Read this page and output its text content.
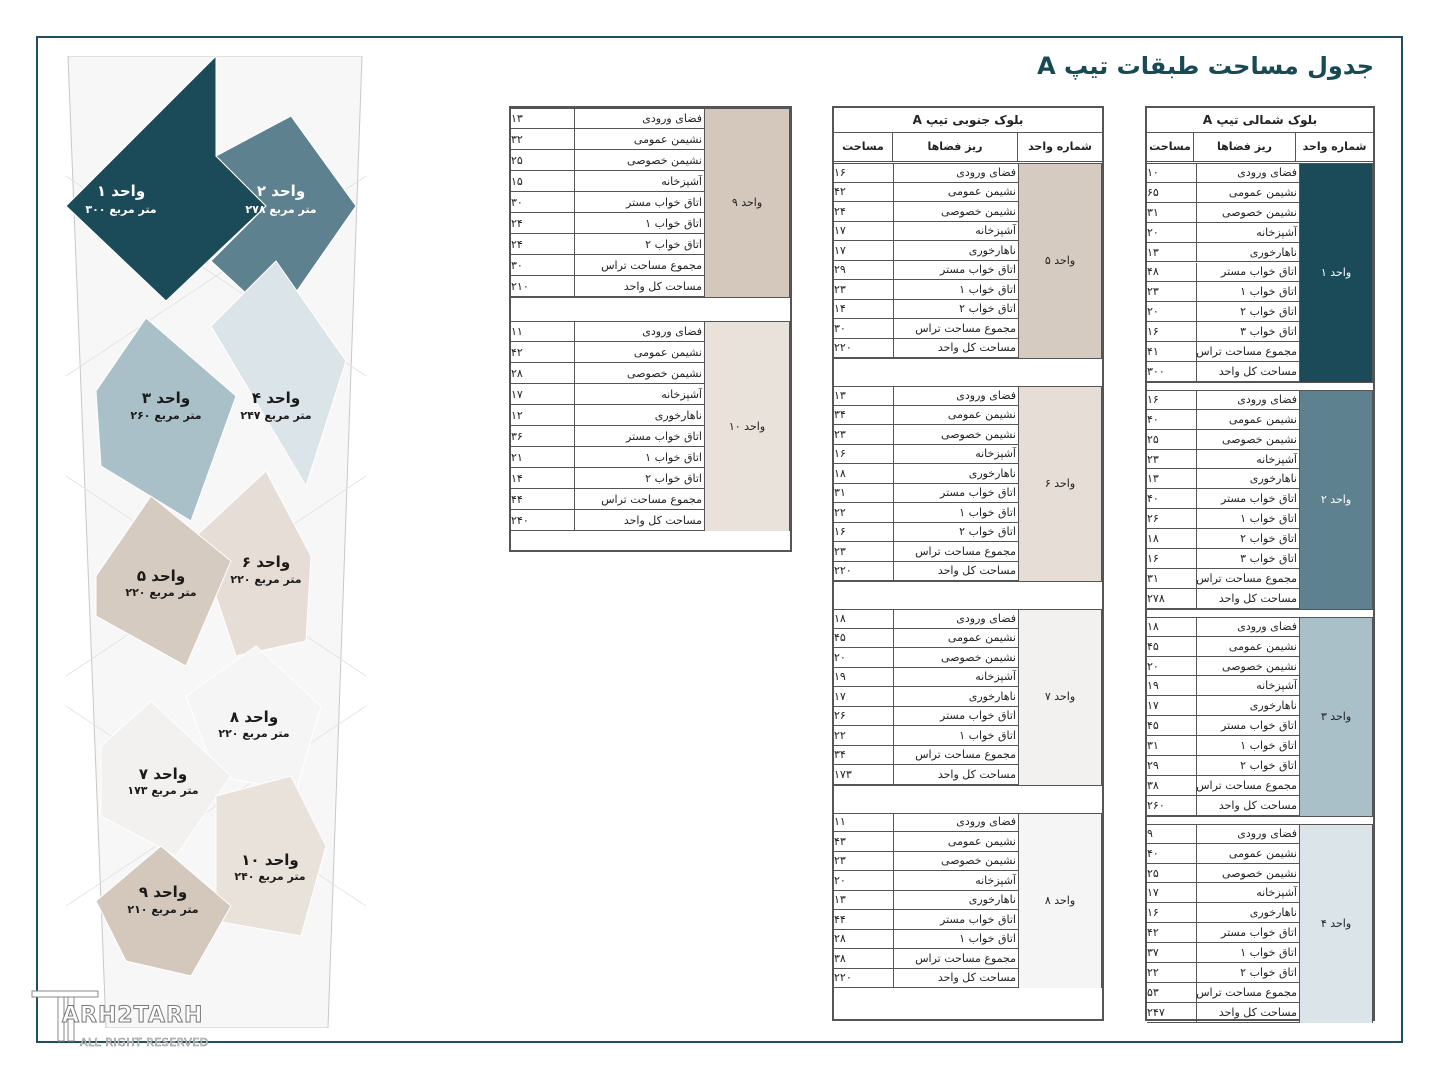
جدول مساحت طبقات تیپ A
واحد ۱
۳۰۰ متر مربع
واحد ۲
۲۷۸ متر مربع
واحد ۳
۲۶۰ متر مربع
واحد ۴
۲۴۷ متر مربع
واحد ۵
۲۲۰ متر مربع
واحد ۶
۲۲۰ متر مربع
واحد ۸
۲۲۰ متر مربع
واحد ۷
۱۷۳ متر مربع
واحد ۱۰
۲۴۰ متر مربع
واحد ۹
۲۱۰ متر مربع
بلوک شمالی تیپ A
شماره واحد
ریز فضاها
مساحت
واحد ۱
فضای ورودی
۱۰
نشیمن عمومی
۶۵
نشیمن خصوصی
۳۱
آشپزخانه
۲۰
ناهارخوری
۱۳
اتاق خواب مستر
۴۸
اتاق خواب ۱
۲۳
اتاق خواب ۲
۲۰
اتاق خواب ۳
۱۶
مجموع مساحت تراس
۴۱
مساحت کل واحد
۳۰۰
واحد ۲
فضای ورودی
۱۶
نشیمن عمومی
۴۰
نشیمن خصوصی
۲۵
آشپزخانه
۲۳
ناهارخوری
۱۳
اتاق خواب مستر
۴۰
اتاق خواب ۱
۲۶
اتاق خواب ۲
۱۸
اتاق خواب ۳
۱۶
مجموع مساحت تراس
۳۱
مساحت کل واحد
۲۷۸
واحد ۳
فضای ورودی
۱۸
نشیمن عمومی
۴۵
نشیمن خصوصی
۲۰
آشپزخانه
۱۹
ناهارخوری
۱۷
اتاق خواب مستر
۴۵
اتاق خواب ۱
۳۱
اتاق خواب ۲
۲۹
مجموع مساحت تراس
۳۸
مساحت کل واحد
۲۶۰
واحد ۴
فضای ورودی
۹
نشیمن عمومی
۴۰
نشیمن خصوصی
۲۵
آشپزخانه
۱۷
ناهارخوری
۱۶
اتاق خواب مستر
۴۲
اتاق خواب ۱
۳۷
اتاق خواب ۲
۲۲
مجموع مساحت تراس
۵۳
مساحت کل واحد
۲۴۷
بلوک جنوبی تیپ A
شماره واحد
ریز فضاها
مساحت
واحد ۵
فضای ورودی
۱۶
نشیمن عمومی
۴۲
نشیمن خصوصی
۲۴
آشپزخانه
۱۷
ناهارخوری
۱۷
اتاق خواب مستر
۲۹
اتاق خواب ۱
۲۳
اتاق خواب ۲
۱۴
مجموع مساحت تراس
۳۰
مساحت کل واحد
۲۲۰
واحد ۶
فضای ورودی
۱۳
نشیمن عمومی
۳۴
نشیمن خصوصی
۲۳
آشپزخانه
۱۶
ناهارخوری
۱۸
اتاق خواب مستر
۳۱
اتاق خواب ۱
۲۲
اتاق خواب ۲
۱۶
مجموع مساحت تراس
۲۳
مساحت کل واحد
۲۲۰
واحد ۷
فضای ورودی
۱۸
نشیمن عمومی
۴۵
نشیمن خصوصی
۲۰
آشپزخانه
۱۹
ناهارخوری
۱۷
اتاق خواب مستر
۲۶
اتاق خواب ۱
۲۲
مجموع مساحت تراس
۳۴
مساحت کل واحد
۱۷۳
واحد ۸
فضای ورودی
۱۱
نشیمن عمومی
۴۳
نشیمن خصوصی
۲۳
آشپزخانه
۲۰
ناهارخوری
۱۳
اتاق خواب مستر
۴۴
اتاق خواب ۱
۲۸
مجموع مساحت تراس
۳۸
مساحت کل واحد
۲۲۰
واحد ۹
فضای ورودی
۱۳
نشیمن عمومی
۳۲
نشیمن خصوصی
۲۵
آشپزخانه
۱۵
اتاق خواب مستر
۳۰
اتاق خواب ۱
۲۴
اتاق خواب ۲
۲۴
مجموع مساحت تراس
۳۰
مساحت کل واحد
۲۱۰
واحد ۱۰
فضای ورودی
۱۱
نشیمن عمومی
۴۲
نشیمن خصوصی
۲۸
آشپزخانه
۱۷
ناهارخوری
۱۲
اتاق خواب مستر
۳۶
اتاق خواب ۱
۲۱
اتاق خواب ۲
۱۴
مجموع مساحت تراس
۴۴
مساحت کل واحد
۲۴۰
ARH2TARH
ALL RIGHT RESERVED
